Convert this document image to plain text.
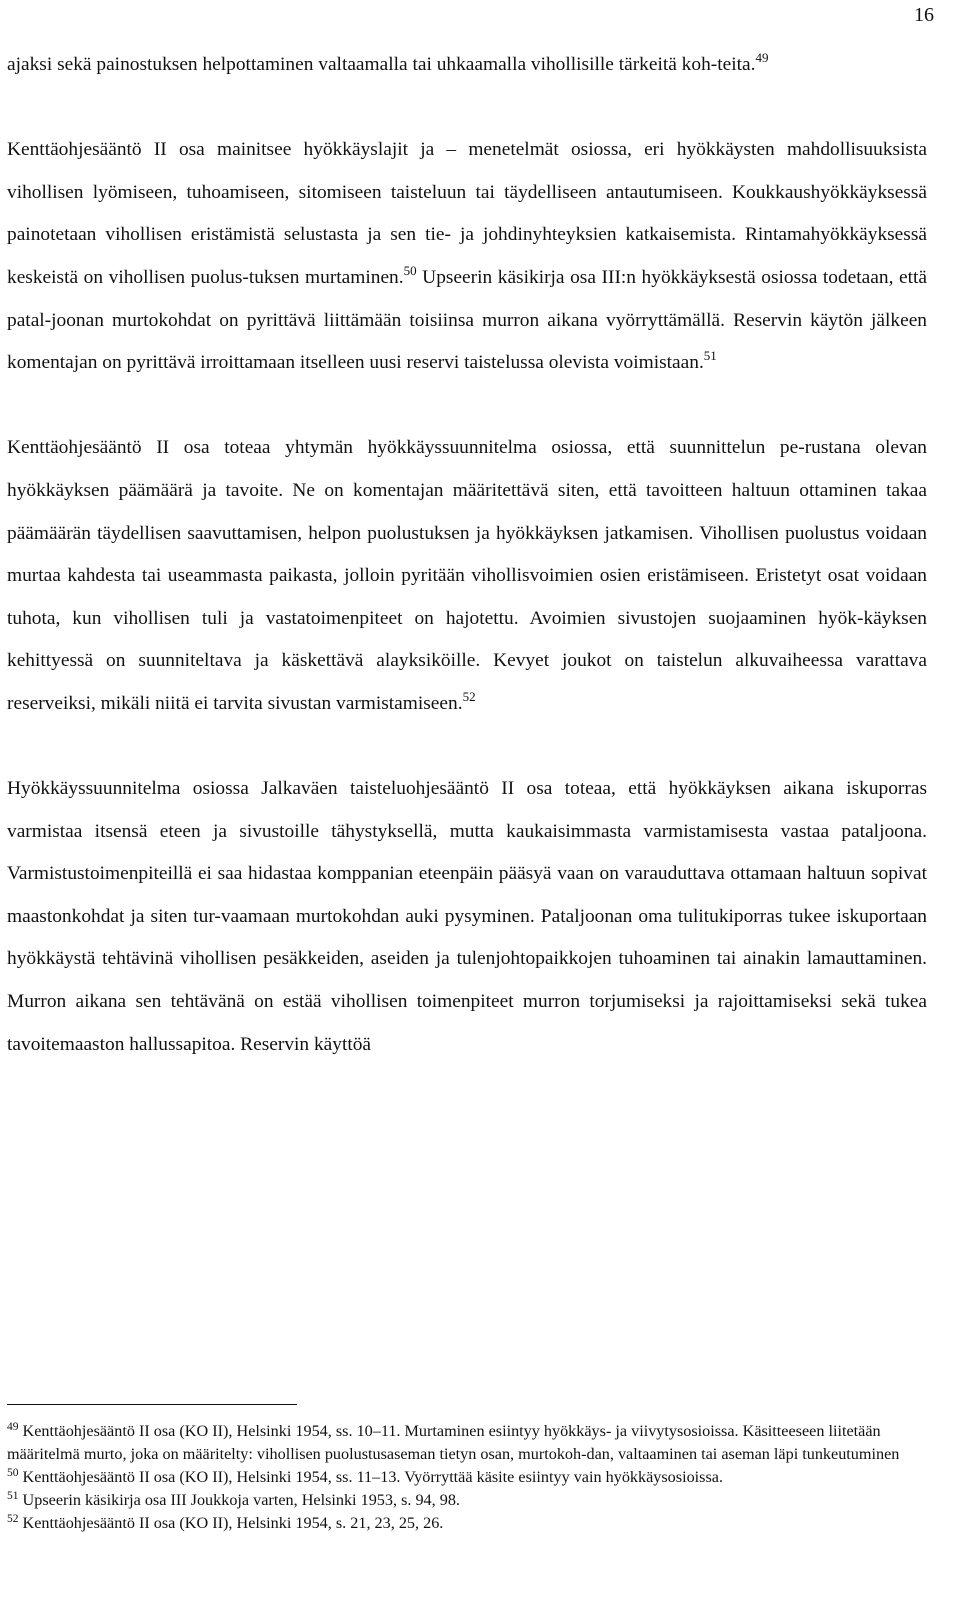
16

ajaksi sekä painostuksen helpottaminen valtaamalla tai uhkaamalla vihollisille tärkeitä koh-teita.$^{49}$

Kenttäohjesääntö II osa mainitsee hyökkäyslajit ja – menetelmät osiossa, eri hyökkäysten mahdollisuuksista vihollisen lyömiseen, tuhoamiseen, sitomiseen taisteluun tai täydelliseen antautumiseen. Koukkaushyökkäyksessä painotetaan vihollisen eristämistä selustasta ja sen tie- ja johdinyhteyksien katkaisemista. Rintamahyökkäyksessä keskeistä on vihollisen puolus-tuksen murtaminen.$^{50}$ Upseerin käsikirja osa III:n hyökkäyksestä osiossa todetaan, että patal-joonan murtokohdat on pyrittävä liittämään toisiinsa murron aikana vyörryttämällä. Reservin käytön jälkeen komentajan on pyrittävä irroittamaan itselleen uusi reservi taistelussa olevista voimistaan.$^{51}$

Kenttäohjesääntö II osa toteaa yhtymän hyökkäyssuunnitelma osiossa, että suunnittelun pe-rustana olevan hyökkäyksen päämäärä ja tavoite. Ne on komentajan määritettävä siten, että tavoitteen haltuun ottaminen takaa päämäärän täydellisen saavuttamisen, helpon puolustuksen ja hyökkäyksen jatkamisen. Vihollisen puolustus voidaan murtaa kahdesta tai useammasta paikasta, jolloin pyritään vihollisvoimien osien eristämiseen. Eristetyt osat voidaan tuhota, kun vihollisen tuli ja vastatoimenpiteet on hajotettu. Avoimien sivustojen suojaaminen hyök-käyksen kehittyessä on suunniteltava ja käskettävä alayksiköille. Kevyet joukot on taistelun alkuvaiheessa varattava reserveiksi, mikäli niitä ei tarvita sivustan varmistamiseen.$^{52}$

Hyökkäyssuunnitelma osiossa Jalkaväen taisteluohjesääntö II osa toteaa, että hyökkäyksen aikana iskuporras varmistaa itsensä eteen ja sivustoille tähystyksellä, mutta kaukaisimmasta varmistamisesta vastaa pataljoona. Varmistustoimenpiteillä ei saa hidastaa komppanian eteenpäin pääsyä vaan on varauduttava ottamaan haltuun sopivat maastonkohdat ja siten tur-vaamaan murtokohdan auki pysyminen. Pataljoonan oma tulitukiporras tukee iskuportaan hyökkäystä tehtävinä vihollisen pesäkkeiden, aseiden ja tulenjohtopaikkojen tuhoaminen tai ainakin lamauttaminen. Murron aikana sen tehtävänä on estää vihollisen toimenpiteet murron torjumiseksi ja rajoittamiseksi sekä tukea tavoitemaaston hallussapitoa. Reservin käyttöä

$^{49}$ Kenttäohjesääntö II osa (KO II), Helsinki 1954, ss. 10–11. Murtaminen esiintyy hyökkäys- ja viivytysosioissa. Käsitteeseen liitetään määritelmä murto, joka on määritelty: vihollisen puolustusaseman tietyn osan, murtokoh-dan, valtaaminen tai aseman läpi tunkeutuminen

$^{50}$ Kenttäohjesääntö II osa (KO II), Helsinki 1954, ss. 11–13. Vyörryttää käsite esiintyy vain hyökkäysosioissa.

$^{51}$ Upseerin käsikirja osa III Joukkoja varten, Helsinki 1953, s. 94, 98.

$^{52}$ Kenttäohjesääntö II osa (KO II), Helsinki 1954, s. 21, 23, 25, 26.
